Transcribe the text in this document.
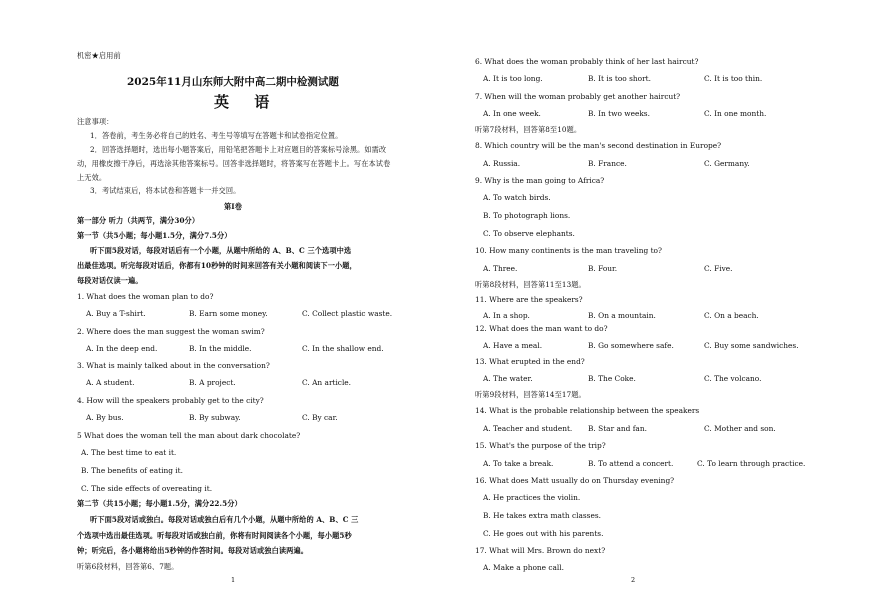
机密★启用前
2025年11月山东师大附中高二期中检测试题
英 语
注意事项：
1．答卷前，考生务必将自己的姓名、考生号等填写在答题卡和试卷指定位置。
2．回答选择题时，选出每小题答案后，用铅笔把答题卡上对应题目的答案标号涂黑。如需改
动，用橡皮擦干净后，再选涂其他答案标号。回答非选择题时，将答案写在答题卡上。写在本试卷
上无效。
3．考试结束后，将本试卷和答题卡一并交回。
第Ⅰ卷
第一部分 听力（共两节，满分30分）
第一节（共5小题；每小题1.5分，满分7.5分）
听下面5段对话，每段对话后有一个小题，从题中所给的 A、B、C 三个选项中选
出最佳选项。听完每段对话后，你都有10秒钟的时间来回答有关小题和阅读下一小题，
每段对话仅读一遍。
1. What does the woman plan to do?
A. Buy a T-shirt.	B. Earn some money.	C. Collect plastic waste.
2. Where does the man suggest the woman swim?
A. In the deep end.	B. In the middle.	C. In the shallow end.
3. What is mainly talked about in the conversation?
A. A student.	B. A project.	C. An article.
4. How will the speakers probably get to the city?
A. By bus.	B. By subway.	C. By car.
5 What does the woman tell the man about dark chocolate?
A. The best time to eat it.
B. The benefits of eating it.
C. The side effects of overeating it.
第二节（共15小题；每小题1.5分，满分22.5分）
听下面5段对话或独白。每段对话或独白后有几个小题，从题中所给的 A、B、C 三
个选项中选出最佳选项。听每段对话或独白前，你将有时间阅读各个小题，每小题5秒
钟；听完后，各小题将给出5秒钟的作答时间。每段对话或独白读两遍。
听第6段材料，回答第6、7题。
1
6. What does the woman probably think of her last haircut?
A. It is too long.	B. It is too short.	C. It is too thin.
7. When will the woman probably get another haircut?
A. In one week.	B. In two weeks.	C. In one month.
听第7段材料，回答第8至10题。
8. Which country will be the man's second destination in Europe?
A. Russia.	B. France.	C. Germany.
9. Why is the man going to Africa?
A. To watch birds.
B. To photograph lions.
C. To observe elephants.
10. How many continents is the man traveling to?
A. Three.	B. Four.	C. Five.
听第8段材料，回答第11至13题。
11. Where are the speakers?
A. In a shop.	B. On a mountain.	C. On a beach.
12. What does the man want to do?
A. Have a meal.	B. Go somewhere safe.	C. Buy some sandwiches.
13. What erupted in the end?
A. The water.	B. The Coke.	C. The volcano.
听第9段材料，回答第14至17题。
14. What is the probable relationship between the speakers
A. Teacher and student. B. Star and fan.	C. Mother and son.
15. What's the purpose of the trip?
A. To take a break.	B. To attend a concert.	C. To learn through practice.
16. What does Matt usually do on Thursday evening?
A. He practices the violin.
B. He takes extra math classes.
C. He goes out with his parents.
17. What will Mrs. Brown do next?
A. Make a phone call.
2
